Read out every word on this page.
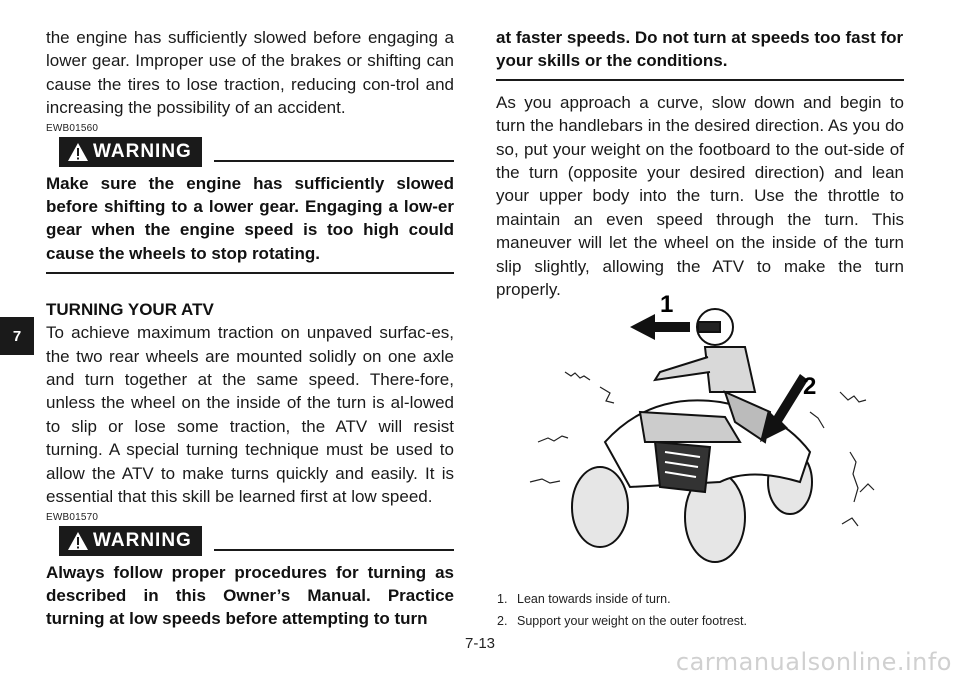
7

the engine has sufficiently slowed before engaging a lower gear. Improper use of the brakes or shifting can cause the tires to lose traction, reducing con-trol and increasing the possibility of an accident.

EWB01560

WARNING

Make sure the engine has sufficiently slowed before shifting to a lower gear. Engaging a low-er gear when the engine speed is too high could cause the wheels to stop rotating.

TURNING YOUR ATV

To achieve maximum traction on unpaved surfac-es, the two rear wheels are mounted solidly on one axle and turn together at the same speed. There-fore, unless the wheel on the inside of the turn is al-lowed to slip or lose some traction, the ATV will resist turning. A special turning technique must be used to allow the ATV to make turns quickly and easily. It is essential that this skill be learned first at low speed.

EWB01570

WARNING

Always follow proper procedures for turning as described in this Owner’s Manual. Practice turning at low speeds before attempting to turn

at faster speeds. Do not turn at speeds too fast for your skills or the conditions.

As you approach a curve, slow down and begin to turn the handlebars in the desired direction. As you do so, put your weight on the footboard to the out-side of the turn (opposite your desired direction) and lean your upper body into the turn. Use the throttle to maintain an even speed through the turn. This maneuver will let the wheel on the inside of the turn slip slightly, allowing the ATV to make the turn properly.

1
2
1. Lean towards inside of turn.
2. Support your weight on the outer footrest.
7-13
carmanualsonline.info
